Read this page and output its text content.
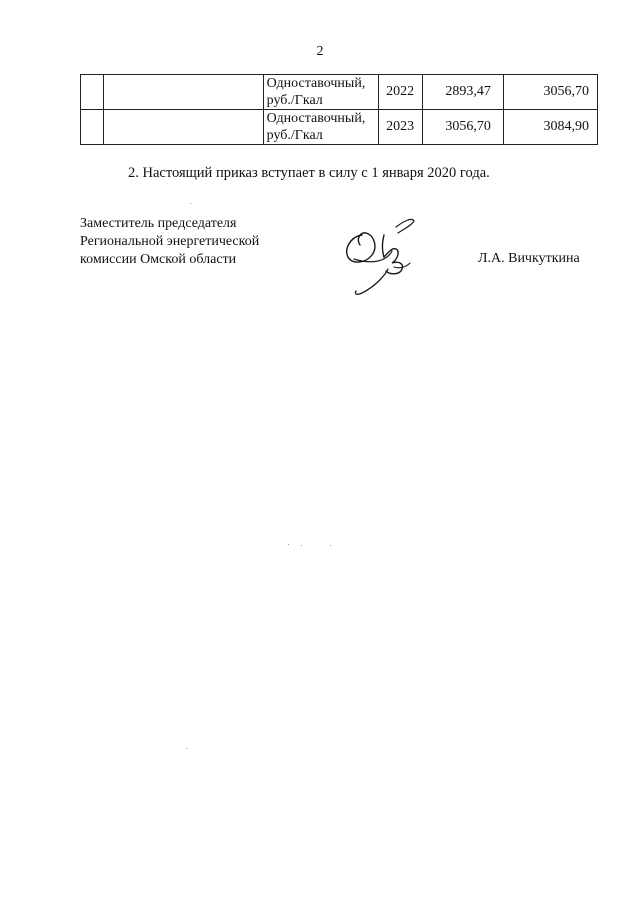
2
		Одноставочный, руб./Гкал	2022	2893,47	3056,70
		Одноставочный, руб./Гкал	2023	3056,70	3084,90
2. Настоящий приказ вступает в силу с 1 января 2020 года.
Заместитель председателя
Региональной энергетической
комиссии Омской области	Л.А. Вичкуткина
